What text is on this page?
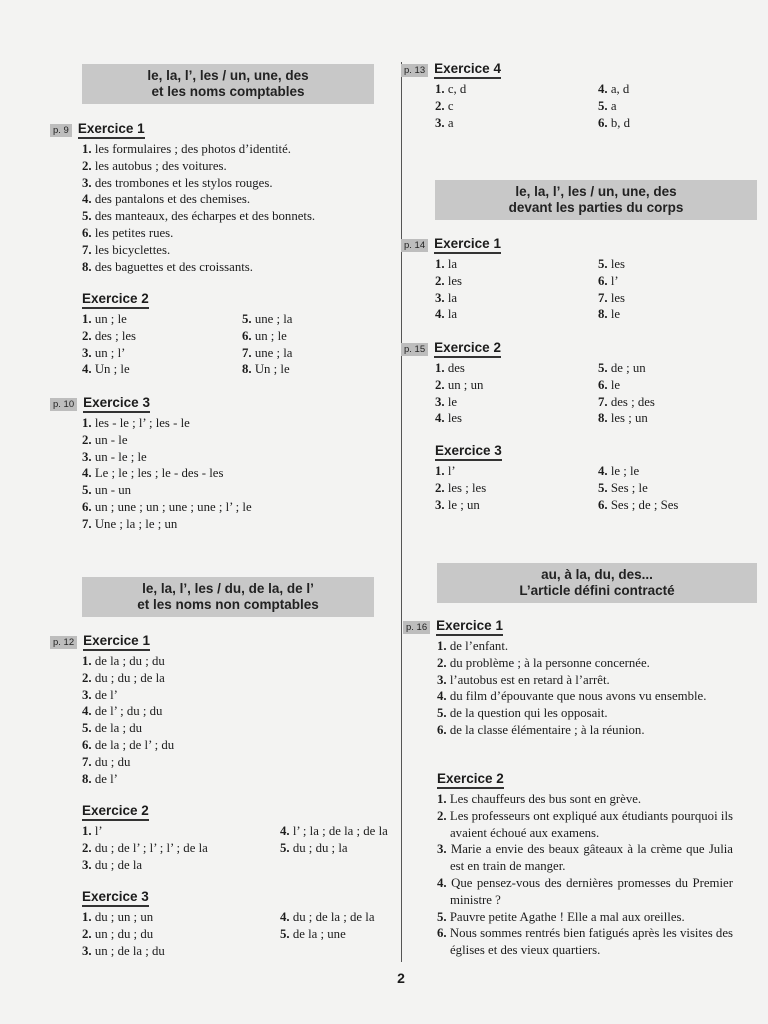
le, la, l’, les / un, une, des
et les noms comptables
le, la, l’, les / du, de la, de l’
et les noms non comptables
le, la, l’, les / un, une, des
devant les parties du corps
au, à la, du, des...
L’article défini contracté
p. 9 Exercice 1
1. les formulaires ; des photos d’identité.
2. les autobus ; des voitures.
3. des trombones et les stylos rouges.
4. des pantalons et des chemises.
5. des manteaux, des écharpes et des bonnets.
6. les petites rues.
7. les bicyclettes.
8. des baguettes et des croissants.
Exercice 2
1. un ; le	5. une ; la
2. des ; les	6. un ; le
3. un ; l’	7. une ; la
4. Un ; le	8. Un ; le
p. 10 Exercice 3
1. les - le ; l’ ; les - le
2. un - le
3. un - le ; le
4. Le ; le ; les ; le - des - les
5. un - un
6. un ; une ; un ; une ; une ; l’ ; le
7. Une ; la ; le ; un
p. 12 Exercice 1
1. de la ; du ; du
2. du ; du ; de la
3. de l’
4. de l’ ; du ; du
5. de la ; du
6. de la ; de l’ ; du
7. du ; du
8. de l’
Exercice 2
1. l’	4. l’ ; la ; de la ; de la
2. du ; de l’ ; l’ ; l’ ; de la	5. du ; du ; la
3. du ; de la
Exercice 3
1. du ; un ; un	4. du ; de la ; de la
2. un ; du ; du	5. de la ; une
3. un ; de la ; du
p. 13 Exercice 4
1. c, d	4. a, d
2. c	5. a
3. a	6. b, d
p. 14 Exercice 1
1. la	5. les
2. les	6. l’
3. la	7. les
4. la	8. le
p. 15 Exercice 2
1. des	5. de ; un
2. un ; un	6. le
3. le	7. des ; des
4. les	8. les ; un
Exercice 3
1. l’	4. le ; le
2. les ; les	5. Ses ; le
3. le ; un	6. Ses ; de ; Ses
p. 16 Exercice 1
1. de l’enfant.
2. du problème ; à la personne concernée.
3. l’autobus est en retard à l’arrêt.
4. du film d’épouvante que nous avons vu ensemble.
5. de la question qui les opposait.
6. de la classe élémentaire ; à la réunion.
Exercice 2
1. Les chauffeurs des bus sont en grève.
2. Les professeurs ont expliqué aux étudiants pourquoi ils avaient échoué aux examens.
3. Marie a envie des beaux gâteaux à la crème que Julia est en train de manger.
4. Que pensez-vous des dernières promesses du Premier ministre ?
5. Pauvre petite Agathe ! Elle a mal aux oreilles.
6. Nous sommes rentrés bien fatigués après les visites des églises et des vieux quartiers.
2
